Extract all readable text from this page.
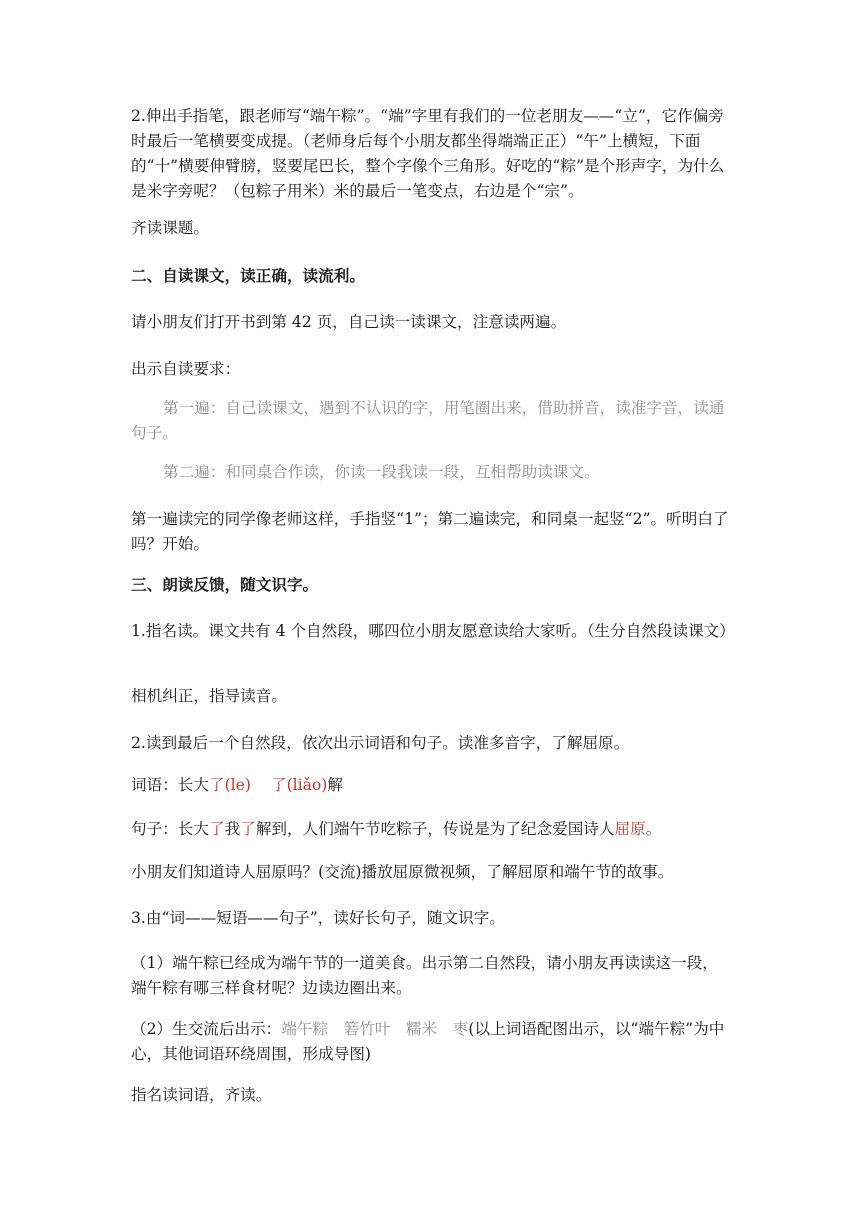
2.伸出手指笔，跟老师写“端午粽”。“端”字里有我们的一位老朋友——“立”，它作偏旁时最后一笔横要变成提。（老师身后每个小朋友都坐得端端正正）“午”上横短，下面的“十”横要伸臂膀，竖要尾巴长，整个字像个三角形。好吃的“粽”是个形声字，为什么是米字旁呢？（包粽子用米）米的最后一笔变点，右边是个“宗”。

齐读课题。

二、自读课文，读正确，读流利。

请小朋友们打开书到第 42 页，自己读一读课文，注意读两遍。

出示自读要求：

第一遍：自己读课文，遇到不认识的字，用笔圈出来，借助拼音，读准字音，读通句子。

第二遍：和同桌合作读，你读一段我读一段，互相帮助读课文。

第一遍读完的同学像老师这样，手指竖“1”；第二遍读完，和同桌一起竖“2”。听明白了吗？开始。

三、朗读反馈，随文识字。

1.指名读。课文共有 4 个自然段，哪四位小朋友愿意读给大家听。（生分自然段读课文）

相机纠正，指导读音。

2.读到最后一个自然段，依次出示词语和句子。读准多音字，了解屈原。

词语：长大了(le) 了(liǎo)解

句子：长大了我了解到，人们端午节吃粽子，传说是为了纪念爱国诗人屈原。

小朋友们知道诗人屈原吗？(交流)播放屈原微视频，了解屈原和端午节的故事。

3.由“词——短语——句子”，读好长句子，随文识字。

（1）端午粽已经成为端午节的一道美食。出示第二自然段，请小朋友再读读这一段，端午粽有哪三样食材呢？边读边圈出来。

（2）生交流后出示：端午粽　箬竹叶　糯米　枣(以上词语配图出示，以“端午粽”为中心，其他词语环绕周围，形成导图)

指名读词语，齐读。
